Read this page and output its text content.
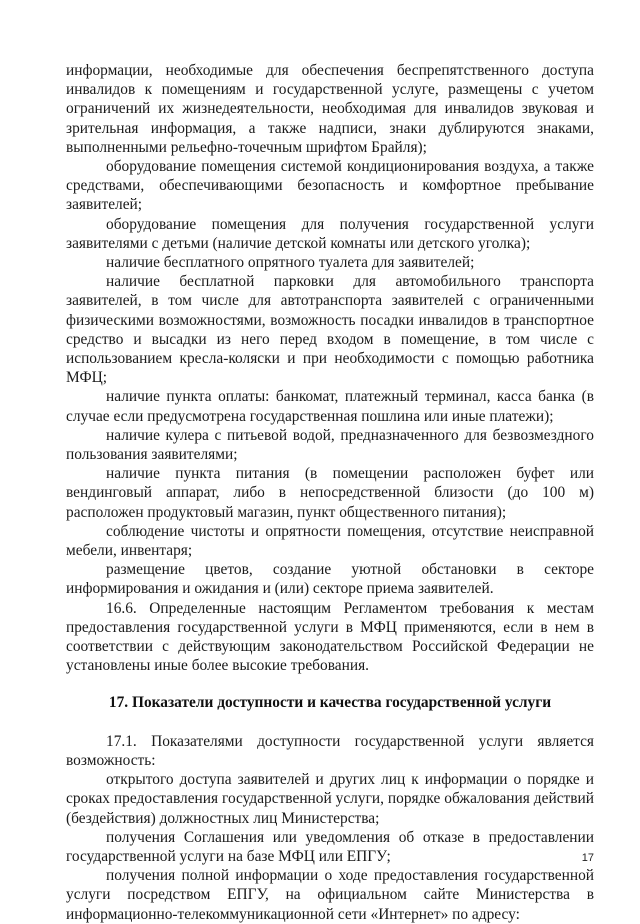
информации, необходимые для обеспечения беспрепятственного доступа инвалидов к помещениям и государственной услуге, размещены с учетом ограничений их жизнедеятельности, необходимая для инвалидов звуковая и зрительная информация, а также надписи, знаки дублируются знаками, выполненными рельефно-точечным шрифтом Брайля);

оборудование помещения системой кондиционирования воздуха, а также средствами, обеспечивающими безопасность и комфортное пребывание заявителей;

оборудование помещения для получения государственной услуги заявителями с детьми (наличие детской комнаты или детского уголка);

наличие бесплатного опрятного туалета для заявителей;

наличие бесплатной парковки для автомобильного транспорта заявителей, в том числе для автотранспорта заявителей с ограниченными физическими возможностями, возможность посадки инвалидов в транспортное средство и высадки из него перед входом в помещение, в том числе с использованием кресла-коляски и при необходимости с помощью работника МФЦ;

наличие пункта оплаты: банкомат, платежный терминал, касса банка (в случае если предусмотрена государственная пошлина или иные платежи);

наличие кулера с питьевой водой, предназначенного для безвозмездного пользования заявителями;

наличие пункта питания (в помещении расположен буфет или вендинговый аппарат, либо в непосредственной близости (до 100 м) расположен продуктовый магазин, пункт общественного питания);

соблюдение чистоты и опрятности помещения, отсутствие неисправной мебели, инвентаря;

размещение цветов, создание уютной обстановки в секторе информирования и ожидания и (или) секторе приема заявителей.

16.6. Определенные настоящим Регламентом требования к местам предоставления государственной услуги в МФЦ применяются, если в нем в соответствии с действующим законодательством Российской Федерации не установлены иные более высокие требования.

17. Показатели доступности и качества государственной услуги

17.1. Показателями доступности государственной услуги является возможность:

открытого доступа заявителей и других лиц к информации о порядке и сроках предоставления государственной услуги, порядке обжалования действий (бездействия) должностных лиц Министерства;

получения Соглашения или уведомления об отказе в предоставлении государственной услуги на базе МФЦ или ЕПГУ;

получения полной информации о ходе предоставления государственной услуги посредством ЕПГУ, на официальном сайте Министерства в информационно-телекоммуникационной сети «Интернет» по адресу:

17
